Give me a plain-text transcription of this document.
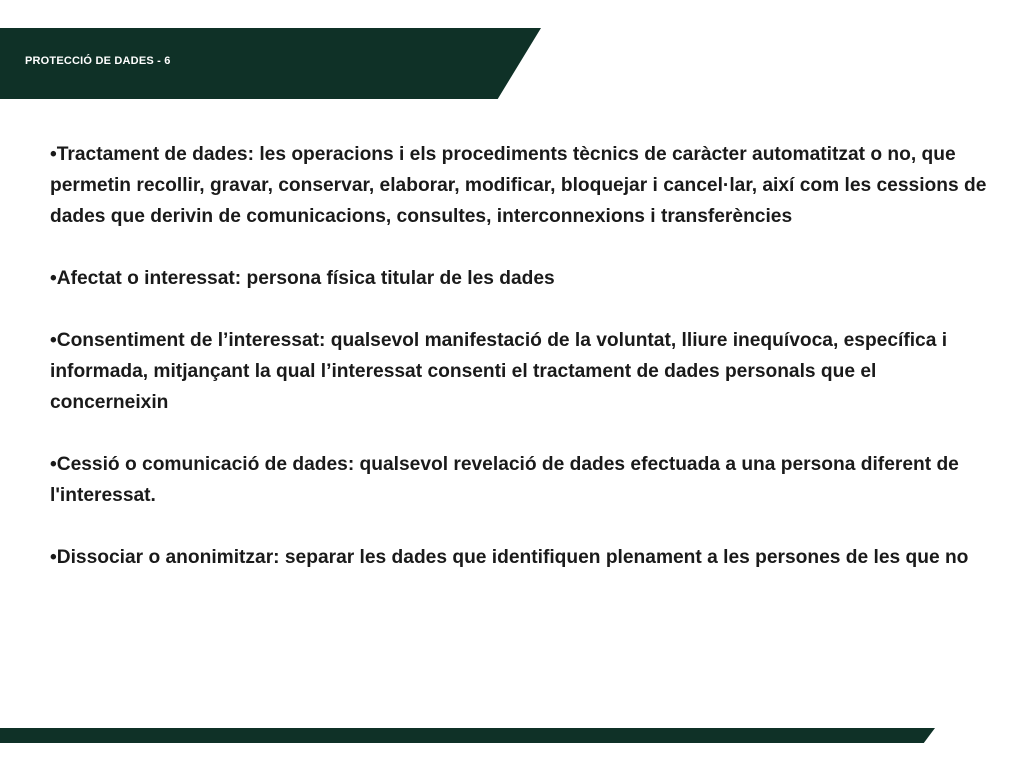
PROTECCIÓ DE DADES - 6

•Tractament de dades: les operacions i els procediments tècnics de caràcter automatitzat o no, que permetin recollir, gravar, conservar, elaborar, modificar, bloquejar i cancel·lar, així com les cessions de dades que derivin de comunicacions, consultes, interconnexions i transferències

•Afectat o interessat: persona física titular de les dades

•Consentiment de l’interessat: qualsevol manifestació de la voluntat, lliure inequívoca, específica i informada, mitjançant la qual l’interessat consenti el tractament de dades personals que el concerneixin

•Cessió o comunicació de dades: qualsevol revelació de dades efectuada a una persona diferent de l'interessat.

•Dissociar o anonimitzar: separar les dades que identifiquen plenament a les persones de les que no
